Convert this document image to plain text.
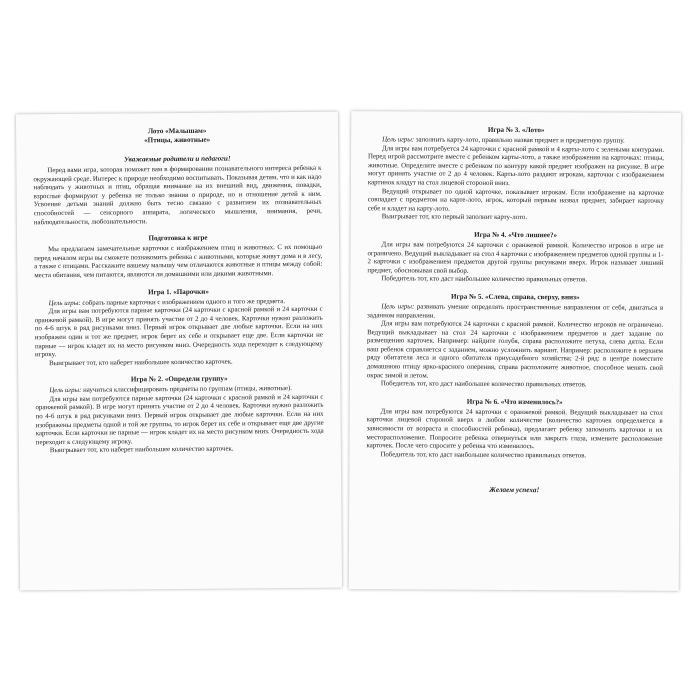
Лото «Малышам»
«Птицы, животные»
Уважаемые родители и педагоги!

Перед вами игра, которая поможет вам в формировании познавательного интереса ребенка к окружающей среде. Интерес к природе необходимо воспитывать. Показывая детям, что и как надо наблюдать у животных и птиц, обращая внимание на их внешний вид, движения, повадки, взрослые формируют у ребенка не только знания о природе, но и отношение детей к ним. Усвоение детьми знаний должно быть тесно связано с развитием их познавательных способностей — сенсорного аппарата, логического мышления, внимания, речи, наблюдательности, любознательности.

Подготовка к игре

Мы предлагаем замечательные карточки с изображением птиц и животных. С их помощью перед началом игры вы сможете познакомить ребенка с животными, которые живут дома и в лесу, а также с птицами. Расскажите вашему малышу чем отличаются животные и птицы между собой: места обитания, чем питаются, являются ли домашними или дикими животными.

Игра 1. «Парочки»

Цель игры: собрать парные карточки с изображением одного и того же предмета.

Для игры вам потребуются парные карточки (24 карточки с красной рамкой и 24 карточки с оранжевой рамкой). В игре могут принять участие от 2 до 4 человек. Карточки нужно разложить по 4-6 штук в ряд рисунками вниз. Первый игрок открывает две любые карточки. Если на них изображен один и тот же предмет, игрок берет их себе и открывает еще две. Если карточки не парные — игрок кладет их на место рисунком вниз. Очередность хода переходит к следующему игроку.

Выигрывает тот, кто наберет наибольшее количество карточек.

Игра № 2. «Определи группу»

Цель игры: научиться классифицировать предметы по группам (птицы, животные).

Для игры вам потребуются парные карточки (24 карточки с красной рамкой и 24 карточки с оранжевой рамкой). В игре могут принять участие от 2 до 4 человек. Карточки нужно разложить по 4-6 штук в ряд рисунками вниз. Первый игрок открывает две любые карточки. Если на них изображены предметы одной и той же группы, то игрок берет их себе и открывает еще две другие карточки. Если карточки не парные — игрок кладет их на место рисунком вниз. Очередность хода переходит к следующему игроку.

Выигрывает тот, кто наберет наибольшее количество карточек.

Игра № 3. «Лото»

Цель игры: заполнить карту-лото, правильно назвав предмет и предметную группу.

Для игры вам потребуется 24 карточки с красной рамкой и 4 карты-лото с зелеными контурами. Перед игрой рассмотрите вместе с ребенком карты-лото, а также изображения на карточках: птицы, животные. Определите вместе с ребенком по контуру какой предмет изображен на рисунке. В игре могут принять участие от 2 до 4 человек. Карты-лото раздают игрокам, карточки с изображением картинок кладут на стол лицевой стороной вниз.

Ведущий открывает по одной карточке, показывает игрокам. Если изображение на карточке совпадает с предметом на карте-лото, игрок, который первым назвал предмет, забирает карточку себе и кладет на карту-лото.

Выигрывает тот, кто первый заполнит карту-лото.

Игра № 4. «Что лишнее?»

Для игры вам потребуются 24 карточки с оранжевой рамкой. Количество игроков в игре не ограничено. Ведущий выкладывает на стол 4 карточки с изображением предметов одной группы и 1-2 карточки с изображением предметов другой группы рисунками вверх. Игрок называет лишний предмет, обосновывая свой выбор.

Победитель тот, кто даст наибольшее количество правильных ответов.

Игра № 5. «Слева, справа, сверху, вниз»

Цель игры: развивать умение определять пространственные направления от себя, двигаться в заданном направлении.

Для игры вам потребуются 24 карточки с красной рамкой. Количество игроков не ограничено. Ведущий выкладывает на стол 24 карточки с изображением предметов и дает задание по размещению карточек. Например: найдите голубя, справа расположите петуха, слева дятла. Если ваш ребенок справляется с заданием, можно усложнить вариант. Например: расположите в верхнем ряду обитателя леса и одного обитателя приусадебного хозяйства; 2-й ряд: в центре поместите домашнюю птицу ярко-красного оперения, справа расположите животное, способное менять свой окрас зимой и летом.

Победитель тот, кто даст наибольшее количество правильных ответов.

Игра № 6. «Что изменилось?»

Для игры вам потребуются 24 карточки с оранжевой рамкой. Ведущий выкладывает на стол карточки лицевой стороной вверх в любом количестве (количество карточек определяется в зависимости от возраста и способностей ребенка), предлагает ребенку запомнить карточки и их месторасположение. Попросите ребенка отвернуться или закрыть глаза, измените расположение карточек. После чего спросите у ребенка что изменилось.

Победитель тот, кто даст наибольшее количество правильных ответов.

Желаем успеха!
